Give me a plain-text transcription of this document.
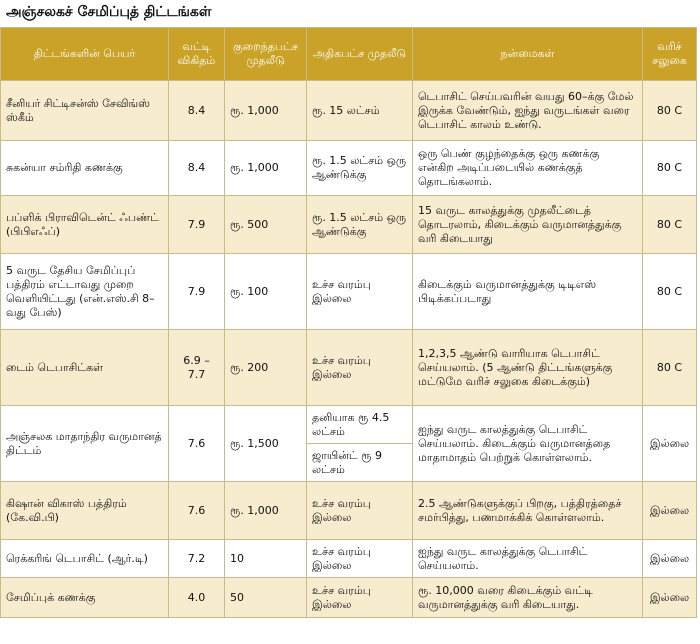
அஞ்சலகச் சேமிப்புத் திட்டங்கள்
திட்டங்களின் பெயர்	வட்டி விகிதம்	குறைந்தபட்ச முதலீடு	அதிகபட்ச முதலீடு	நன்மைகள்	வரிச் சலுகை
சீனியர் சிட்டிசன்ஸ் சேவிங்ஸ் ஸ்கீம்	8.4	ரூ. 1,000	ரூ. 15 லட்சம்	டெபாசிட் செய்பவரின் வயது 60–க்கு மேல் இருக்க வேண்டும், ஐந்து வருடங்கள் வரை டெபாசிட் காலம் உண்டு.	80 C
சுகன்யா சம்ரிதி கணக்கு	8.4	ரூ. 1,000	ரூ. 1.5 லட்சம் ஒரு ஆண்டுக்கு	ஒரு பெண் குழந்தைக்கு ஒரு கணக்கு என்கிற அடிப்படையில் கணக்குத் தொடங்கலாம்.	80 C
பப்ளிக் பிராவிடென்ட் ஃபண்ட் (பிபிஎஃப்)	7.9	ரூ. 500	ரூ. 1.5 லட்சம் ஒரு ஆண்டுக்கு	15 வருட காலத்துக்கு முதலீட்டைத் தொடரலாம், கிடைக்கும் வருமானத்துக்கு வரி கிடையாது	80 C
5 வருட தேசிய சேமிப்புப் பத்திரம் எட்டாவது முறை வெளியிட்டது (என்.எஸ்.சி 8–வது பேஸ்)	7.9	ரூ. 100	உச்ச வரம்பு இல்லை	கிடைக்கும் வருமானத்துக்கு டிடிஎஸ் பிடிக்கப்படாது	80 C
டைம் டெபாசிட்கள்	6.9 – 7.7	ரூ. 200	உச்ச வரம்பு இல்லை	1,2,3,5 ஆண்டு வாரியாக டெபாசிட் செய்யலாம். (5 ஆண்டு திட்டங்களுக்கு மட்டுமே வரிச் சலுகை கிடைக்கும்)	80 C
அஞ்சலக மாதாந்திர வருமானத் திட்டம்	7.6	ரூ. 1,500	தனியாக ரூ 4.5 லட்சம்	ஐந்து வருட காலத்துக்கு டெபாசிட் செய்யலாம். கிடைக்கும் வருமானத்தை மாதாமாதம் பெற்றுக் கொள்ளலாம்.	இல்லை
			ஜாயின்ட் ரூ 9 லட்சம்		
கிஷான் விகாஸ் பத்திரம் (கே.வி.பி)	7.6	ரூ. 1,000	உச்ச வரம்பு இல்லை	2.5 ஆண்டுகளுக்குப் பிறகு, பத்திரத்தைச் சமர்பித்து, பணமாக்கிக் கொள்ளலாம்.	இல்லை
ரெக்கரிங் டெபாசிட் (ஆர்.டி)	7.2	10	உச்ச வரம்பு இல்லை	ஐந்து வருட காலத்துக்கு டெபாசிட் செய்யலாம்.	இல்லை
சேமிப்புக் கணக்கு	4.0	50	உச்ச வரம்பு இல்லை	ரூ. 10,000 வரை கிடைக்கும் வட்டி வருமானத்துக்கு வரி கிடையாது.	இல்லை
